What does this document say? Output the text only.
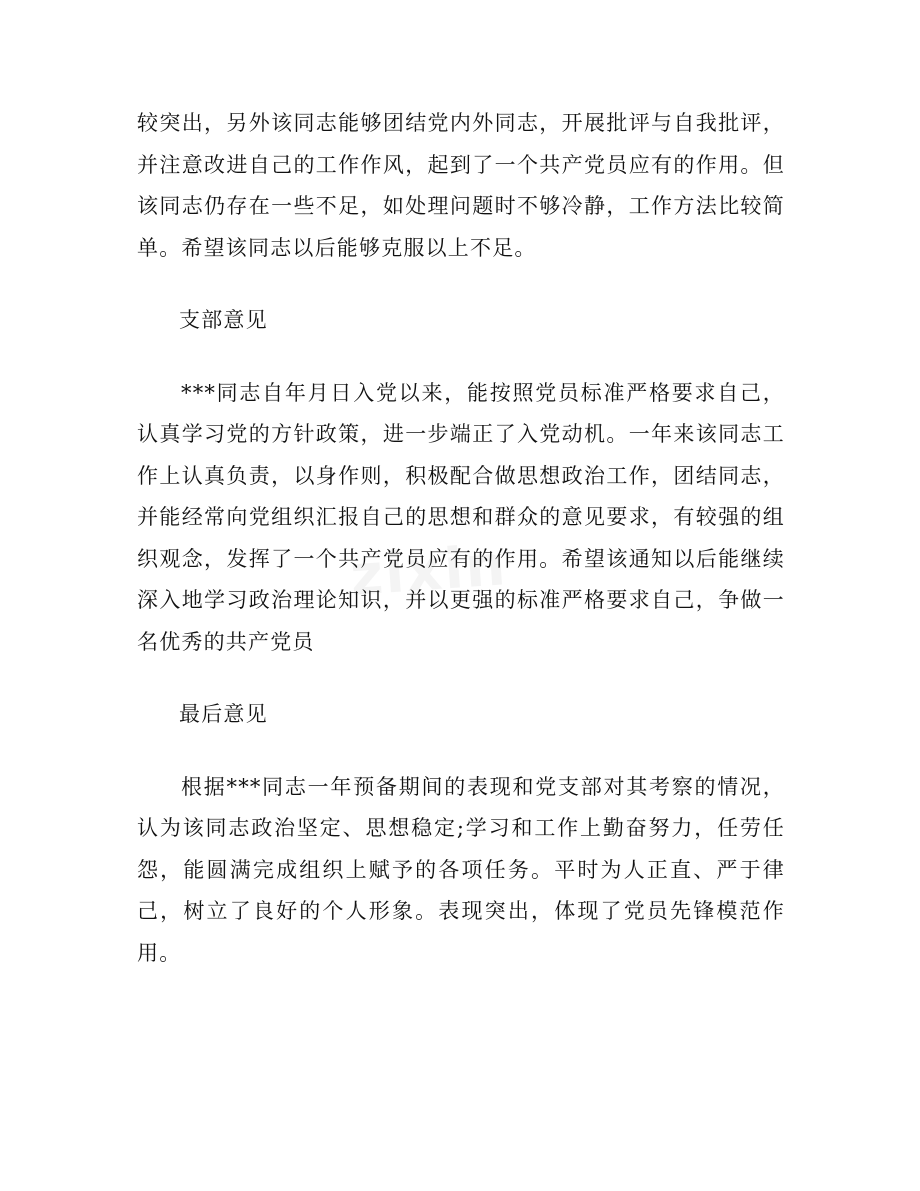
较突出，另外该同志能够团结党内外同志，开展批评与自我批评，并注意改进自己的工作作风，起到了一个共产党员应有的作用。但该同志仍存在一些不足，如处理问题时不够冷静，工作方法比较简单。希望该同志以后能够克服以上不足。

支部意见

***同志自年月日入党以来，能按照党员标准严格要求自己，认真学习党的方针政策，进一步端正了入党动机。一年来该同志工作上认真负责，以身作则，积极配合做思想政治工作，团结同志，并能经常向党组织汇报自己的思想和群众的意见要求，有较强的组织观念，发挥了一个共产党员应有的作用。希望该通知以后能继续深入地学习政治理论知识，并以更强的标准严格要求自己，争做一名优秀的共产党员

最后意见

根据***同志一年预备期间的表现和党支部对其考察的情况，认为该同志政治坚定、思想稳定;学习和工作上勤奋努力，任劳任怨，能圆满完成组织上赋予的各项任务。平时为人正直、严于律己，树立了良好的个人形象。表现突出，体现了党员先锋模范作用。
